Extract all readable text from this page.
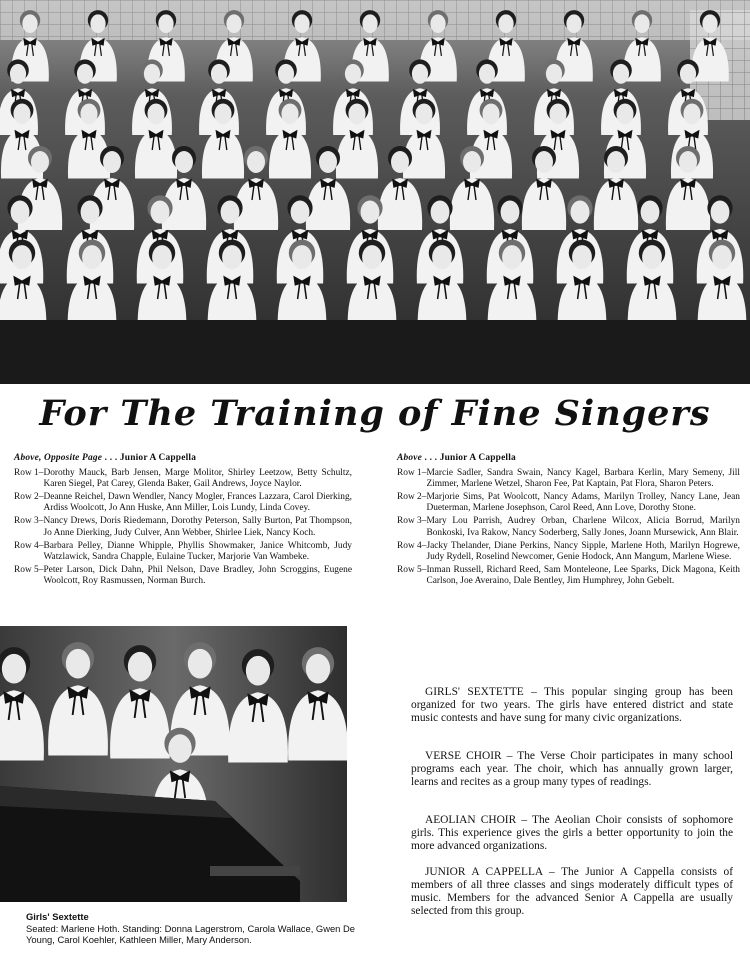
For The Training of Fine Singers
Above, Opposite Page . . . Junior A Cappella
Row 1– Dorothy Mauck, Barb Jensen, Marge Molitor, Shirley Leetzow, Betty Schultz, Karen Siegel, Pat Carey, Glenda Baker, Gail Andrews, Joyce Naylor.
Row 2– Deanne Reichel, Dawn Wendler, Nancy Mogler, Frances Lazzara, Carol Dierking, Ardiss Woolcott, Jo Ann Huske, Ann Miller, Lois Lundy, Linda Covey.
Row 3– Nancy Drews, Doris Riedemann, Dorothy Peterson, Sally Burton, Pat Thompson, Jo Anne Dierking, Judy Culver, Ann Webber, Shirlee Liek, Nancy Koch.
Row 4– Barbara Pelley, Dianne Whipple, Phyllis Showmaker, Janice Whitcomb, Judy Watzlawick, Sandra Chapple, Eulaine Tucker, Marjorie Van Wambeke.
Row 5– Peter Larson, Dick Dahn, Phil Nelson, Dave Bradley, John Scroggins, Eugene Woolcott, Roy Rasmussen, Norman Burch.
Above . . . Junior A Cappella
Row 1– Marcie Sadler, Sandra Swain, Nancy Kagel, Barbara Kerlin, Mary Semeny, Jill Zimmer, Marlene Wetzel, Sharon Fee, Pat Kaptain, Pat Flora, Sharon Peters.
Row 2– Marjorie Sims, Pat Woolcott, Nancy Adams, Marilyn Trolley, Nancy Lane, Jean Dueterman, Marlene Josephson, Carol Reed, Ann Love, Dorothy Stone.
Row 3– Mary Lou Parrish, Audrey Orban, Charlene Wilcox, Alicia Borrud, Marilyn Bonkoski, Iva Rakow, Nancy Soderberg, Sally Jones, Joann Mursewick, Ann Blair.
Row 4– Jacky Thelander, Diane Perkins, Nancy Sipple, Marlene Hoth, Marilyn Hogrewe, Judy Rydell, Roselind Newcomer, Genie Hodock, Ann Mangum, Marlene Wiese.
Row 5– Inman Russell, Richard Reed, Sam Monteleone, Lee Sparks, Dick Magona, Keith Carlson, Joe Averaino, Dale Bentley, Jim Humphrey, John Gebelt.
Girls' Sextette
Seated: Marlene Hoth. Standing: Donna Lagerstrom, Carola Wallace, Gwen De Young, Carol Koehler, Kathleen Miller, Mary Anderson.
GIRLS' SEXTETTE – This popular singing group has been organized for two years. The girls have entered district and state music contests and have sung for many civic organizations.
VERSE CHOIR – The Verse Choir participates in many school programs each year. The choir, which has annually grown larger, learns and recites as a group many types of readings.
AEOLIAN CHOIR – The Aeolian Choir consists of sophomore girls. This experience gives the girls a better opportunity to join the more advanced organizations.
JUNIOR A CAPPELLA – The Junior A Cappella consists of members of all three classes and sings moderately difficult types of music. Members for the advanced Senior A Cappella are usually selected from this group.
